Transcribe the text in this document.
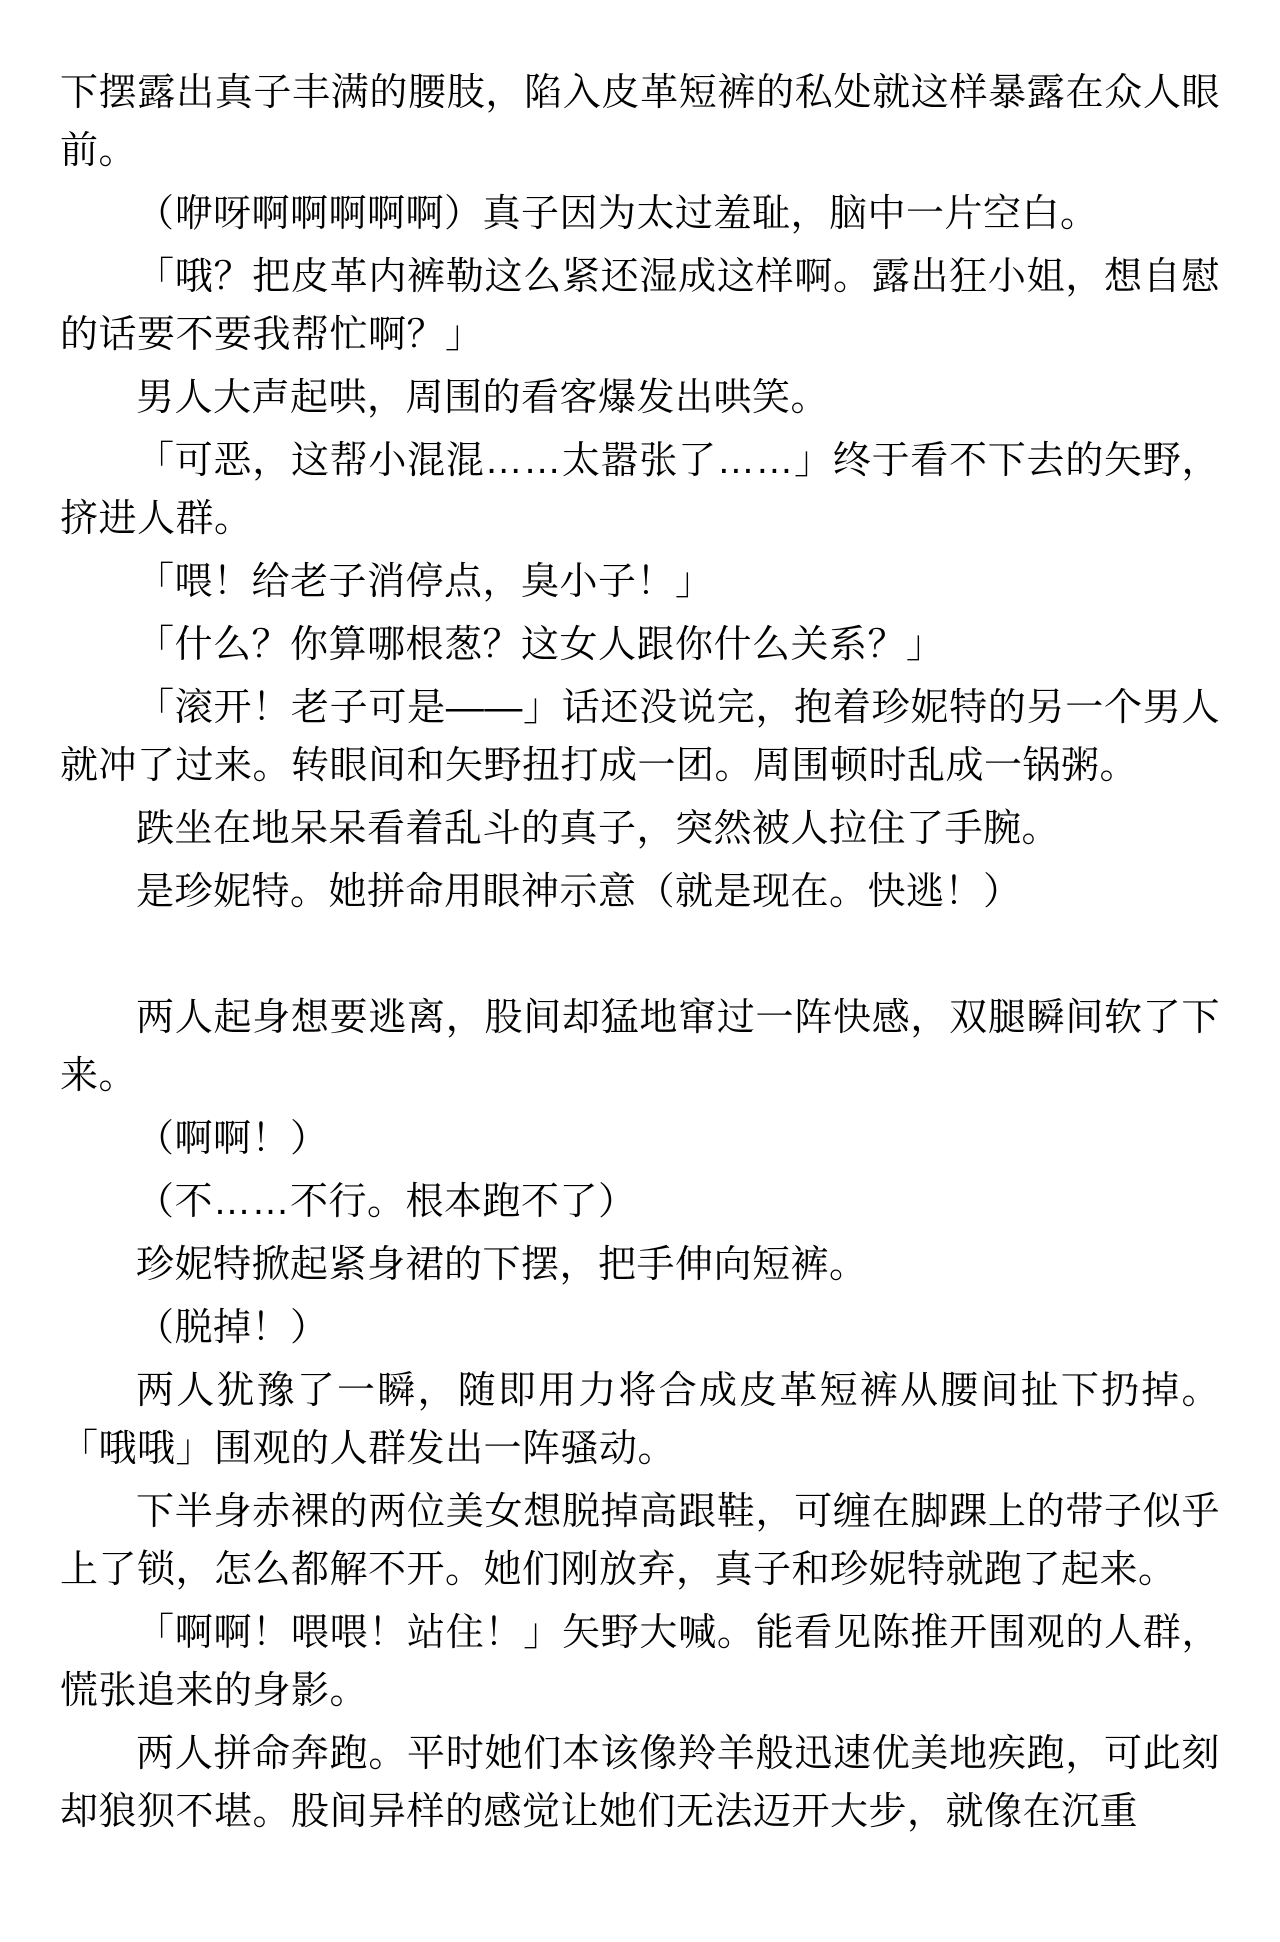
下摆露出真子丰满的腰肢，陷入皮革短裤的私处就这样暴露在众人眼前。

（咿呀啊啊啊啊啊）真子因为太过羞耻，脑中一片空白。

「哦？把皮革内裤勒这么紧还湿成这样啊。露出狂小姐，想自慰的话要不要我帮忙啊？」

男人大声起哄，周围的看客爆发出哄笑。

「可恶，这帮小混混……太嚣张了……」终于看不下去的矢野，挤进人群。

「喂！给老子消停点，臭小子！」

「什么？你算哪根葱？这女人跟你什么关系？」

「滚开！老子可是——」话还没说完，抱着珍妮特的另一个男人就冲了过来。转眼间和矢野扭打成一团。周围顿时乱成一锅粥。

跌坐在地呆呆看着乱斗的真子，突然被人拉住了手腕。

是珍妮特。她拼命用眼神示意（就是现在。快逃！）

两人起身想要逃离，股间却猛地窜过一阵快感，双腿瞬间软了下来。

（啊啊！）

（不……不行。根本跑不了）

珍妮特掀起紧身裙的下摆，把手伸向短裤。

（脱掉！）

两人犹豫了一瞬，随即用力将合成皮革短裤从腰间扯下扔掉。「哦哦」围观的人群发出一阵骚动。

下半身赤裸的两位美女想脱掉高跟鞋，可缠在脚踝上的带子似乎上了锁，怎么都解不开。她们刚放弃，真子和珍妮特就跑了起来。

「啊啊！喂喂！站住！」矢野大喊。能看见陈推开围观的人群，慌张追来的身影。

两人拼命奔跑。平时她们本该像羚羊般迅速优美地疾跑，可此刻却狼狈不堪。股间异样的感觉让她们无法迈开大步，就像在沉重
